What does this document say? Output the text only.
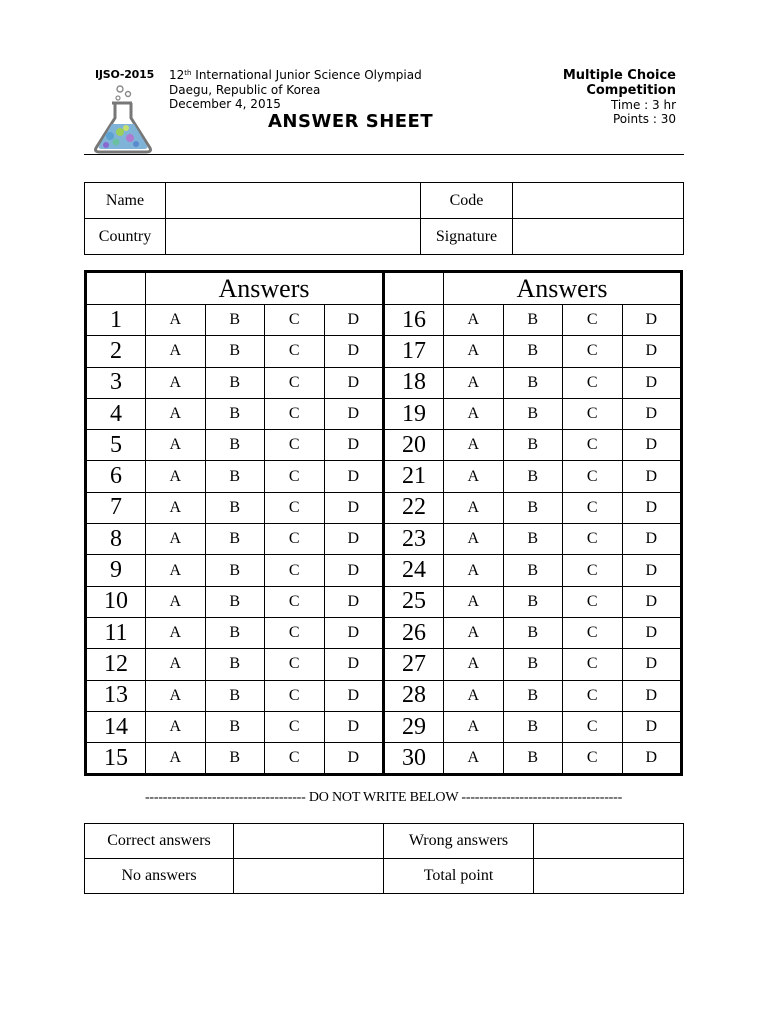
IJSO-2015 12th International Junior Science Olympiad
Daegu, Republic of Korea
December 4, 2015
ANSWER SHEET
Multiple Choice
Competition
Time : 3 hr
Points : 30
Name		Code	
Country		Signature	
	Answers					Answers			
1	A	B	C	D	16	A	B	C	D
2	A	B	C	D	17	A	B	C	D
3	A	B	C	D	18	A	B	C	D
4	A	B	C	D	19	A	B	C	D
5	A	B	C	D	20	A	B	C	D
6	A	B	C	D	21	A	B	C	D
7	A	B	C	D	22	A	B	C	D
8	A	B	C	D	23	A	B	C	D
9	A	B	C	D	24	A	B	C	D
10	A	B	C	D	25	A	B	C	D
11	A	B	C	D	26	A	B	C	D
12	A	B	C	D	27	A	B	C	D
13	A	B	C	D	28	A	B	C	D
14	A	B	C	D	29	A	B	C	D
15	A	B	C	D	30	A	B	C	D
------------------------------------ DO NOT WRITE BELOW ------------------------------------
Correct answers		Wrong answers	
No answers		Total point	
